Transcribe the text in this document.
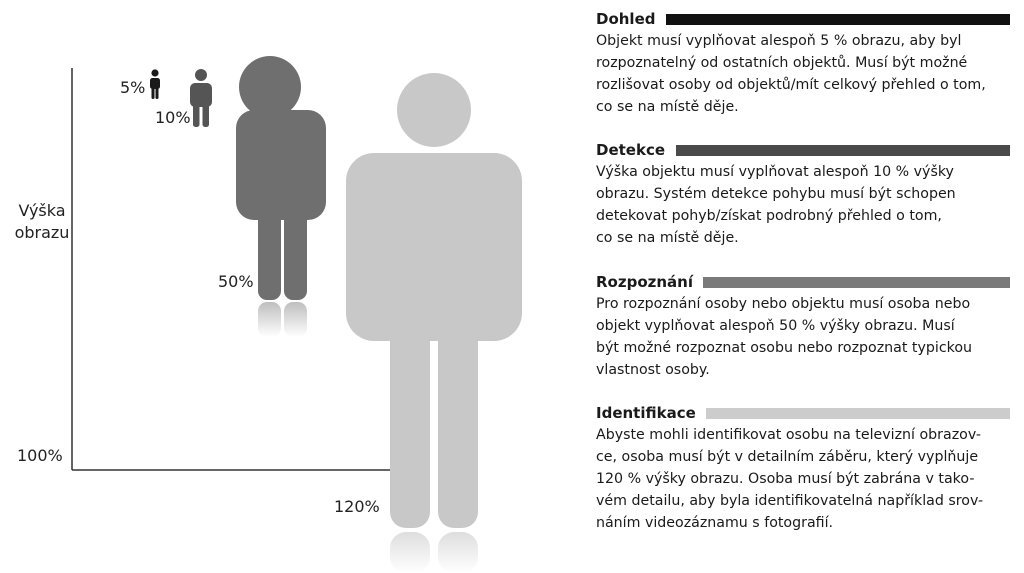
Výška
obrazu
100%
5%
10%
50%
120%
Dohled
Objekt musí vyplňovat alespoň 5 % obrazu, aby byl
rozpoznatelný od ostatních objektů. Musí být možné
rozlišovat osoby od objektů/mít celkový přehled o tom,
co se na místě děje.
Detekce
Výška objektu musí vyplňovat alespoň 10 % výšky
obrazu. Systém detekce pohybu musí být schopen
detekovat pohyb/získat podrobný přehled o tom,
co se na místě děje.
Rozpoznání
Pro rozpoznání osoby nebo objektu musí osoba nebo
objekt vyplňovat alespoň 50 % výšky obrazu. Musí
být možné rozpoznat osobu nebo rozpoznat typickou
vlastnost osoby.
Identifikace
Abyste mohli identifikovat osobu na televizní obrazov-
ce, osoba musí být v detailním záběru, který vyplňuje
120 % výšky obrazu. Osoba musí být zabrána v tako-
vém detailu, aby byla identifikovatelná například srov-
náním videozáznamu s fotografií.
